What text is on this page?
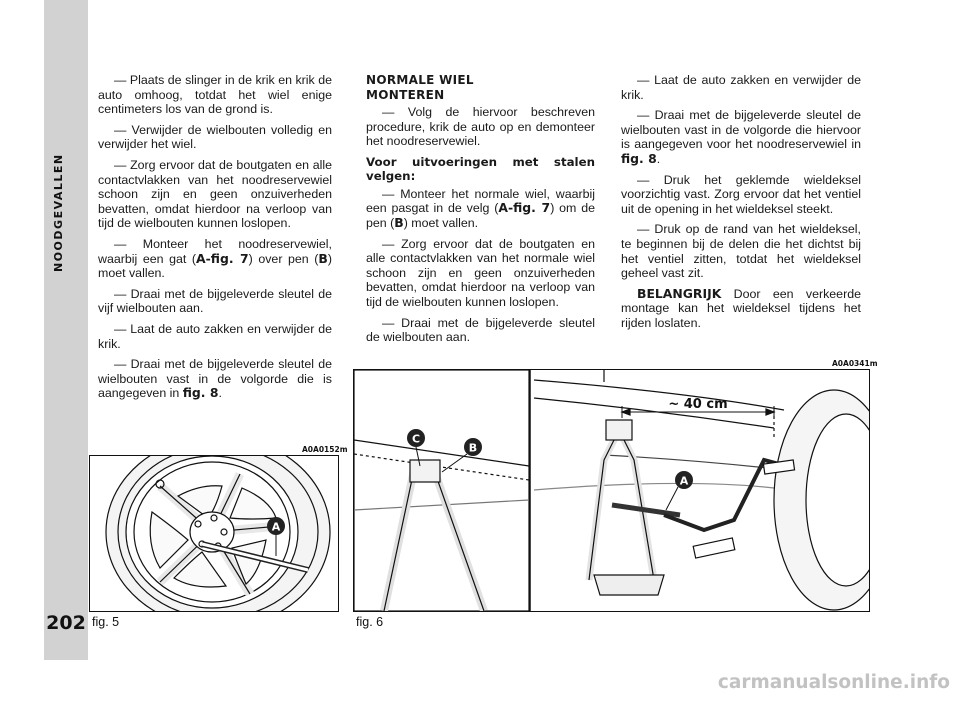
NOODGEVALLEN
202

— Plaats de slinger in de krik en krik de auto omhoog, totdat het wiel enige centimeters los van de grond is.

— Verwijder de wielbouten volledig en verwijder het wiel.

— Zorg ervoor dat de boutgaten en alle contactvlakken van het noodreservewiel schoon zijn en geen onzuiverheden bevatten, omdat hierdoor na verloop van tijd de wielbouten kunnen loslopen.

— Monteer het noodreservewiel, waarbij een gat (A-fig. 7) over pen (B) moet vallen.

— Draai met de bijgeleverde sleutel de vijf wielbouten aan.

— Laat de auto zakken en verwijder de krik.

— Draai met de bijgeleverde sleutel de wielbouten vast in de volgorde die is aangegeven in fig. 8.

NORMALE WIEL
MONTEREN

— Volg de hiervoor beschreven procedure, krik de auto op en demonteer het noodreservewiel.

Voor uitvoeringen met stalen velgen:

— Monteer het normale wiel, waarbij een pasgat in de velg (A-fig. 7) om de pen (B) moet vallen.

— Zorg ervoor dat de boutgaten en alle contactvlakken van het normale wiel schoon zijn en geen onzuiverheden bevatten, omdat hierdoor na verloop van tijd de wielbouten kunnen loslopen.

— Draai met de bijgeleverde sleutel de wielbouten aan.

— Laat de auto zakken en verwijder de krik.

— Draai met de bijgeleverde sleutel de wielbouten vast in de volgorde die hiervoor is aangegeven voor het noodreservewiel in fig. 8.

— Druk het geklemde wieldeksel voorzichtig vast. Zorg ervoor dat het ventiel uit de opening in het wieldeksel steekt.

— Druk op de rand van het wieldeksel, te beginnen bij de delen die het dichtst bij het ventiel zitten, totdat het wieldeksel geheel vast zit.

BELANGRIJK Door een verkeerde montage kan het wieldeksel tijdens het rijden loslaten.

A0A0152m
A
fig. 5
A0A0341m
~ 40 cm
C
B
A
fig. 6
carmanualsonline.info
